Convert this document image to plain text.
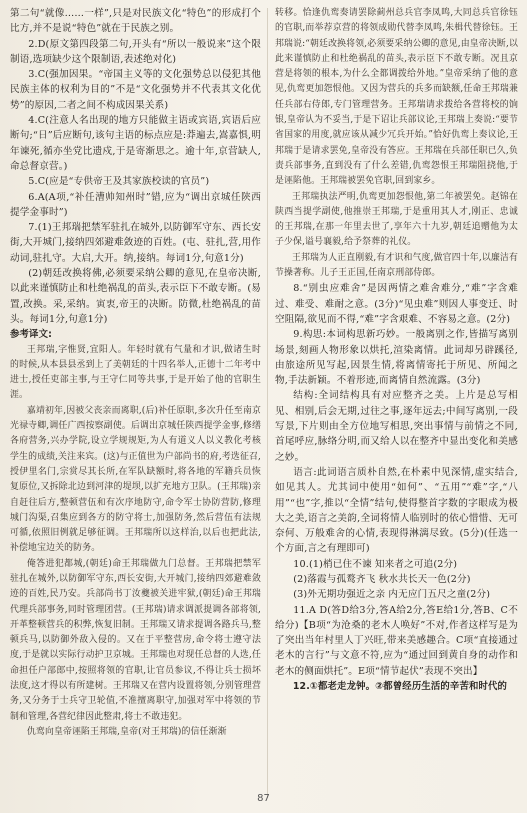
第二句“就像……一样”,只是对民族文化“特色”的形成打个比方,并不是说“特色”就在于民族之别。

2.D(原文第四段第二句,开头有“所以一般说来”这个限制语,选项缺少这个限制语,表述绝对化)

3.C(强加因果。“帝国主义等的文化强势总以侵犯其他民族主体的权利为目的”不是“文化强势并不代表其文化优势”的原因,二者之间不构成因果关系)

4.C(注意人名出现的地方只能做主语或宾语,宾语后应断句;“日”后应断句,该句主语的标点应是:莽遍去,嵩嘉惧,明年谏死,循亦坐党比遗戍,于是寄渐思之。逾十年,京营缺人,命总督京营。)

5.C(应是“专供帝王及其家族校读的官员”)

6.A(A项,“补任漕帅知州时”错,应为“调出京城任陕西提学金事时”)

7.(1)王邦瑞把禁军驻扎在城外,以防御军守东、西长安街,大开城门,接纳四郊避难敛迹的百姓。(屯、驻扎,营,用作动词,驻扎守。大启,大开。纳,接纳。每词1分,句意1分)

(2)朝廷改换将佛,必须要采纳公卿的意见,在皇帝决断,以此来谨慎防止和杜绝祸乱的苗头,表示臣下不敢专断。(易置,改换。采,采纳。寅衷,帝王的决断。防微,杜绝祸乱的苗头。每词1分,句意1分)

参考译文:

王邦瑞,字惟贤,宜阳人。年轻时就有气量和才识,做诸生时的时候,从本县县丞到上了美朝廷的十四名举人,正德十二年考中进士,授任吏部主事,与王守仁同等共事,于是开始了他的官职生涯。

嘉靖初年,因被父丧亲而离职,(后)补任原职,多次升任至南京光禄寺卿,调任广西按察副使。后调出京城任陕西提学金事,修缮各府营务,兴办学院,设立学规规矩,为人有道义人以义教化考核学生的成绩,关注来宾。(这)与正值世为户部尚书的府,考选征召,授伊里名门,宗赏尽其长所,在军队缺额时,将各地的军籍兵员恢复原位,又拆除北边到河津的堤坝,以扩充地方卫队。(王邦瑞)亲自赶往后方,整顿营伍和有次序地防守,命令军士协防营防,修理城门沟渠,召集应到各方的防守将士,加强防务,然后营伍有法规可循,依照旧例就足够征调。王邦瑞所以这样治,以后也把此法,补偿地宝边关的防务。

俺答进犯都城,(朝廷)命王邦瑞做九门总督。王邦瑞把禁军驻扎在城外,以防御军守东,西长安街,大开城门,接纳四郊避难敛迹的百姓,民乃安。兵部尚书丁汝夔被关进牢狱,(朝廷)命王邦瑞代理兵部事务,同时管理团营。(王邦瑞)请求调派提调各部将领,开革整顿营兵的积弊,恢复旧制。王邦瑞又请求提调各路兵马,整顿兵马,以防御外敌入侵的。又在于平整营房,命令将士遵守法度,于是就以实际行动护卫京城。王邦瑞也对现任总督的人选,任命担任户部郎中,按照将领的官职,让官员参议,不得让兵士损坏法度,这才得以有所建树。王邦瑞又在营内设置将领,分别管理营务,又分务于士兵守卫轮值,不准擅离职守,加强对军中将领的节制和管理,各营纪律因此整肃,将士不敢违犯。

仇鸾向皇帝诬陷王邦瑞,皇帝(对王邦瑞)的信任渐渐

转移。恰逢仇鸾奏请罢除蓟州总兵官李凤鸣,大同总兵官徐钰的官职,而举荐京营的将领成勋代替李凤鸣,朱楫代替徐钰。王邦瑞说:“朝廷改换将领,必须要采纳公卿的意见,由皇帝决断,以此来谨慎防止和杜绝祸乱的苗头,表示臣下不敢专断。况且京营是将领的根本,为什么全都调拨给外地。”皇帝采纳了他的意见,仇鸾更加怨恨他。又因为营兵的兵多而缺额,任命王邦瑞兼任兵部右侍郎,专门管理营务。王邦瑞请求拨给各营将校的饷银,皇帝认为不妥当,于是下诏让兵部议论,王邦瑞上奏说:“要节省国家的用度,就应该从减少冗兵开始。”恰好仇鸾上奏议论,王邦瑞于是请求罢免,皇帝没有答应。王邦瑞在兵部任职已久,负责兵部事务,直到没有了什么差错,仇鸾怨恨王邦瑞阻挠他,于是诬陷他。王邦瑞被罢免官职,回到家乡。

王邦瑞执法严明,仇鸾更加怨恨他,第二年被罢免。赵锦在陕西当提学副使,他推崇王邦瑞,于是重用其人才,刚正、忠诚的王邦瑞,在那一年里去世了,享年六十九岁,朝廷追赠他为太子少保,谥号襄毅,给予祭葬的礼仪。

王邦瑞为人正直刚毅,有才识和气度,做官四十年,以廉洁有节操著称。儿子王正国,任南京刑部侍郎。

8.“别虫应难舍”是因两情之难舍难分,“难”字含难过、难受、难耐之意。(3分)“见虫难”则因人事变迁、时空阻隔,欲见而不得,“难”字含艰难、不容易之意。(2分)

9.构思:本词构思新巧妙。一般离别之作,皆描写离别场景,刻画人物形象以烘托,渲染离情。此词却另辟蹊径,由旅途所见写起,因景生情,将离情寄托于所见、所闻之物,手法新颖。不着形迹,而离情自然流露。(3分)

结构:全词结构具有对应整齐之美。上片是总写相见、相别,后会无期,过往之事,逐年远去;中间写离别,一段写景,下片则由全方位地写相思,突出事情与前情之不同,首尾呼应,脉络分明,而又给人以在整齐中显出变化和美感之妙。

语言:此词语言质朴自然,在朴素中见深情,虚实结合,如见其人。尤其词中使用“如何”、“五用”“难”字,“八用”“也”字,推以“全情”结句,使得整首字数的字眼成为极大之美,语言之美韵,全词将情人临别时的依心惜惜、无可奈何、万般难舍的心情,表现得淋漓尽致。(5分)(任选一个方面,言之有理即可)

10.(1)梢已住不谏 知来者之可追(2分)

(2)落霞与孤鹜齐飞 秋水共长天一色(2分)

(3)外无期功强近之亲 内无应门五尺之童(2分)

11.A D(答D给3分,答A给2分,答E给1分,答B、C不给分)【B项“为沧桑的老木人唤好”不对,作者这样写是为了突出当年村里人丁兴旺,带来美感趣合。C项“直接通过老木的言行”与文意不符,应为“通过回到黄自身的动作和老木的侧面烘托”。E项“情节起伏”表现不突出】

12.①都老走龙钟。②都曾经历生活的辛苦和时代的

87
